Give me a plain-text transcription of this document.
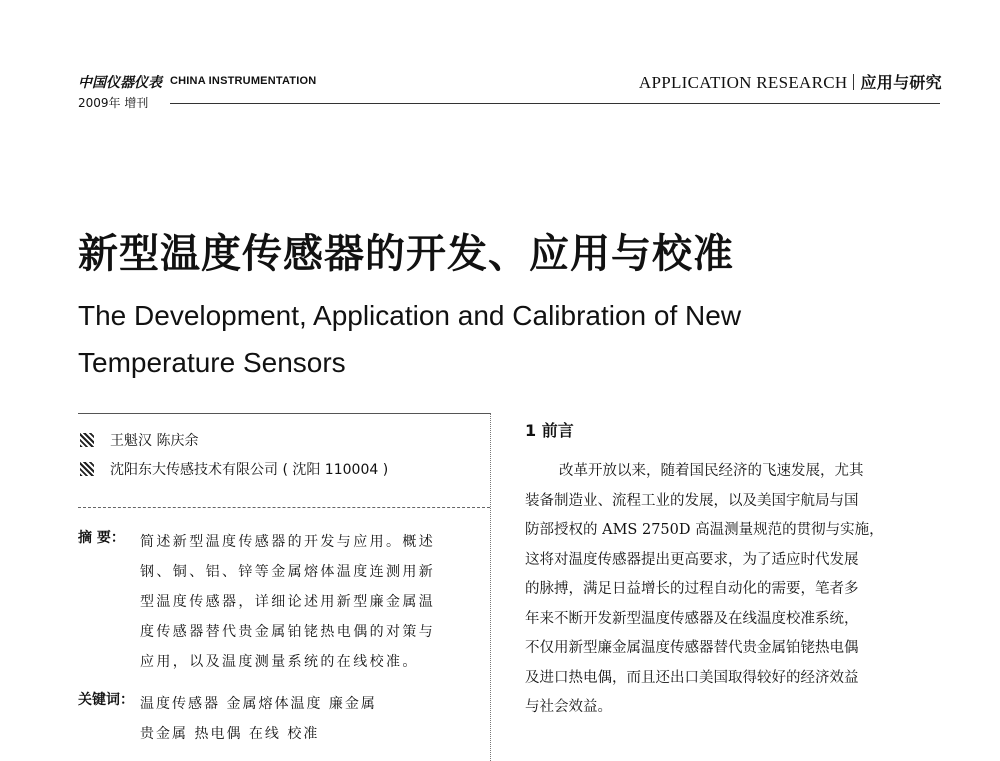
中国仪器仪表 CHINA INSTRUMENTATION
2009年 增刊
APPLICATION RESEARCH 应用与研究
新型温度传感器的开发、应用与校准
The Development, Application and Calibration of New
Temperature Sensors
王魁汉 陈庆余
沈阳东大传感技术有限公司 ( 沈阳 110004 )
摘 要： 简述新型温度传感器的开发与应用。概述
钢、铜、铝、锌等金属熔体温度连测用新
型温度传感器，详细论述用新型廉金属温
度传感器替代贵金属铂铑热电偶的对策与
应用，以及温度测量系统的在线校准。
关键词： 温度传感器 金属熔体温度 廉金属
贵金属 热电偶 在线 校准
1 前言
改革开放以来，随着国民经济的飞速发展，尤其
装备制造业、流程工业的发展，以及美国宇航局与国
防部授权的 AMS 2750D 高温测量规范的贯彻与实施，
这将对温度传感器提出更高要求，为了适应时代发展
的脉搏，满足日益增长的过程自动化的需要，笔者多
年来不断开发新型温度传感器及在线温度校准系统，
不仅用新型廉金属温度传感器替代贵金属铂铑热电偶
及进口热电偶，而且还出口美国取得较好的经济效益
与社会效益。
